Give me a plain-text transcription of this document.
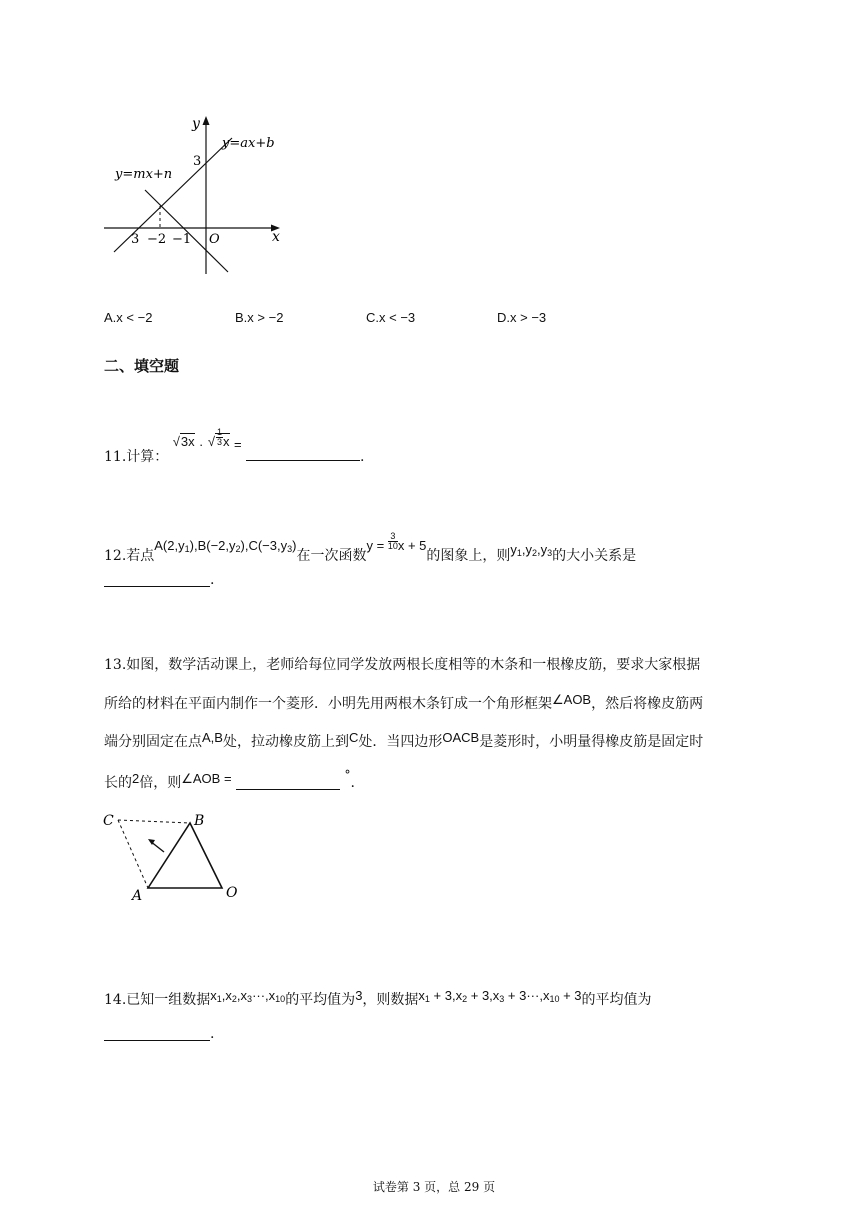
y
x
O
y=ax+b
y=mx+n
3
3 −2 −1
A.x < −2	B.x > −2	C.x < −3	D.x > −3
二、填空题
11.计算： √3x · √ $\frac{1}{3}$ x = .
12.若点$A(2,y_1),B(-2,y_2),C(-3,y_3)$在一次函数$y = \frac{3}{10}$ x + 5的图象上，则$y_1,y_2,y_3$的大小关系是
.
13.如图，数学活动课上，老师给每位同学发放两根长度相等的木条和一根橡皮筋，要求大家根据
所给的材料在平面内制作一个菱形．小明先用两根木条钉成一个角形框架∠AOB，然后将橡皮筋两
端分别固定在点A,B处，拉动橡皮筋上到C处．当四边形OACB是菱形时，小明量得橡皮筋是固定时
长的2倍，则∠AOB =	°.
C	B
A	O
14.已知一组数据$x_1,x_2,x_3\cdot\cdot\cdot,x_{10}$的平均值为3，则数据$x_1 + 3,x_2 + 3,x_3 + 3\cdot\cdot\cdot,x_{10} + 3$的平均值为
.
试卷第 3 页，总 29 页
